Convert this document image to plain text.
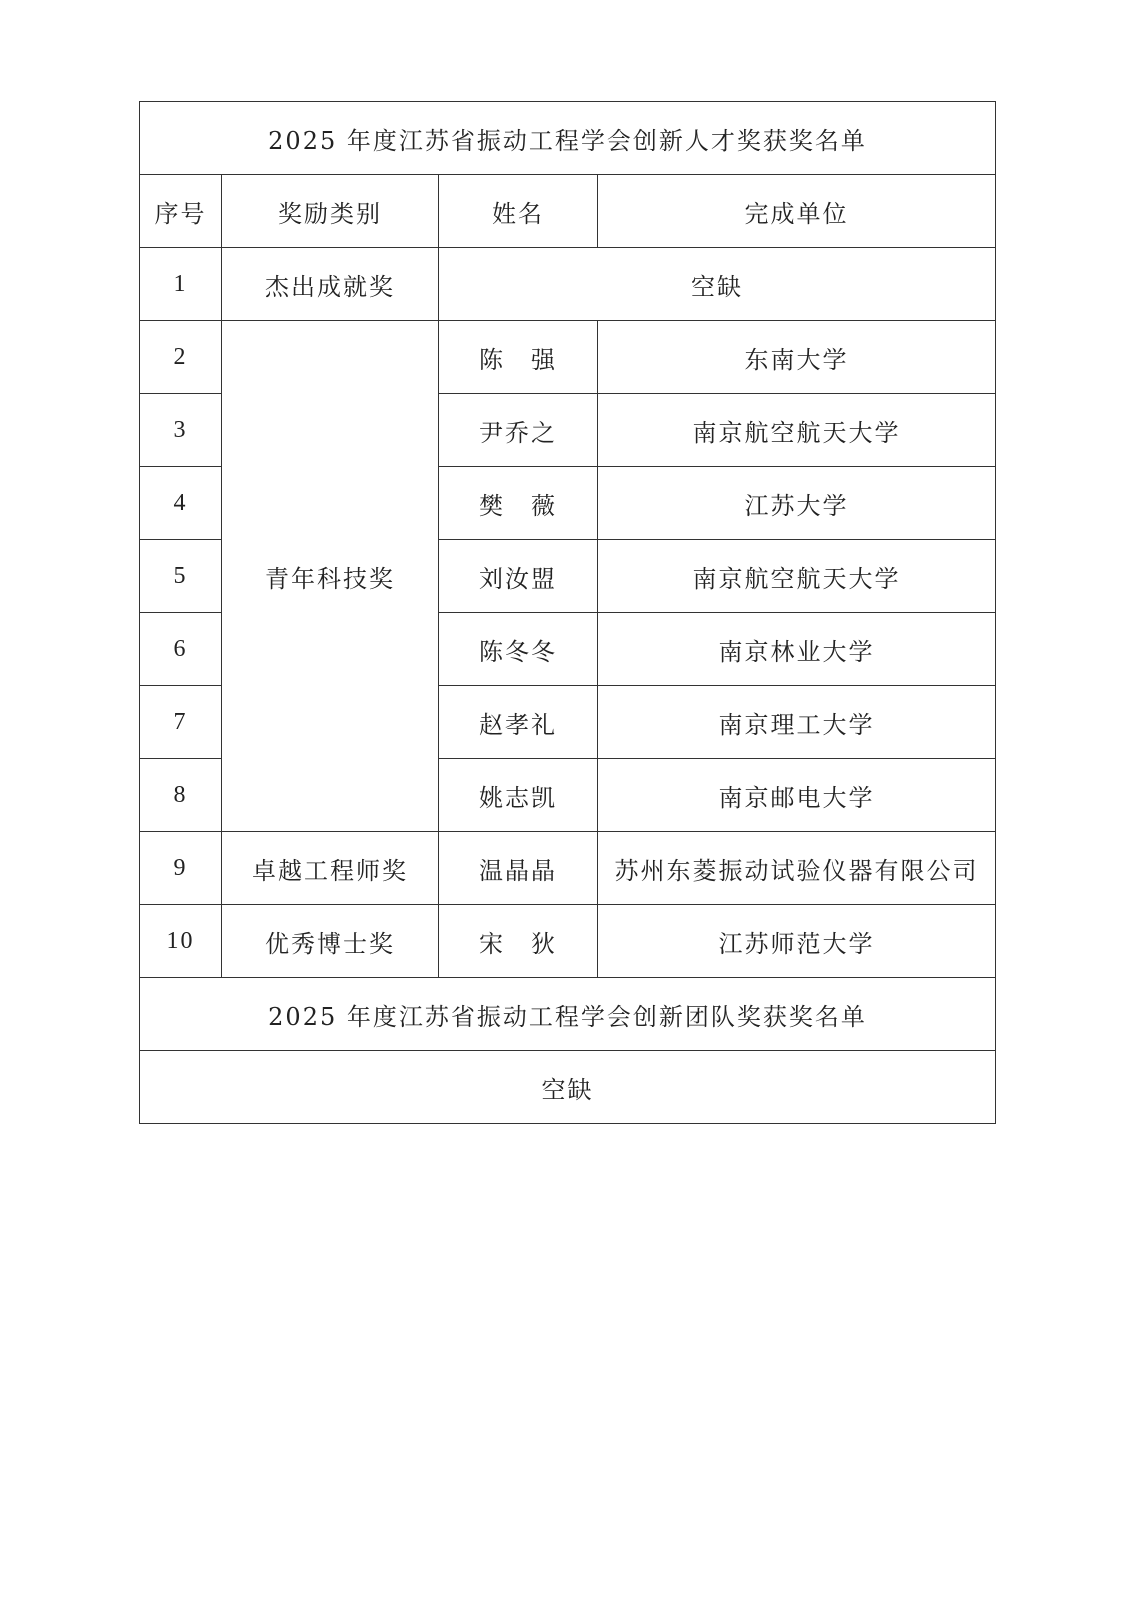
2025 年度江苏省振动工程学会创新人才奖获奖名单			
序号	奖励类别	姓名	完成单位
1	杰出成就奖	空缺	
2	青年科技奖	陈　强	东南大学
3		尹乔之	南京航空航天大学
4		樊　薇	江苏大学
5		刘汝盟	南京航空航天大学
6		陈冬冬	南京林业大学
7		赵孝礼	南京理工大学
8		姚志凯	南京邮电大学
9	卓越工程师奖	温晶晶	苏州东菱振动试验仪器有限公司
10	优秀博士奖	宋　狄	江苏师范大学
2025 年度江苏省振动工程学会创新团队奖获奖名单			
空缺			
